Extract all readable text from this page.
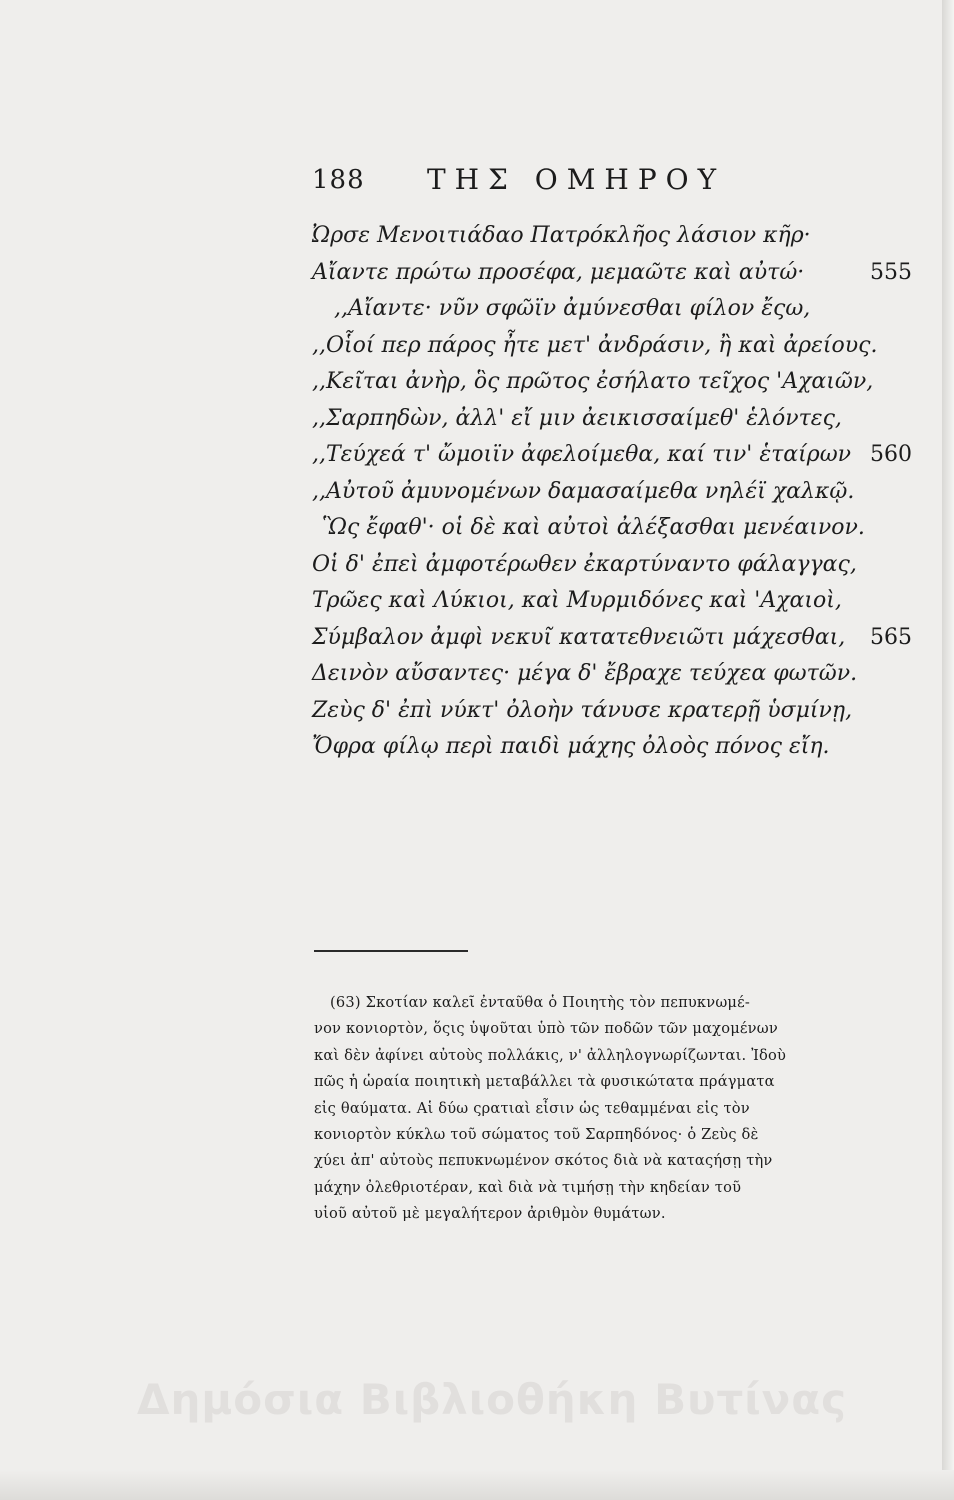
188 ΤΗΣ ΟΜΗΡΟΥ
Ὠρσε Μενοιτιάδαο Πατρόκλῆος λάσιον κῆρ·
Αἴαντε πρώτω προσέφα, μεμαῶτε καὶ αὐτώ·	555
,,Αἴαντε· νῦν σφῶϊν ἀμύνεσθαι φίλον ἔςω,
,,Οἷοί περ πάρος ἦτε μετ' ἀνδράσιν, ἢ καὶ ἀρείους.
,,Κεῖται ἀνὴρ, ὃς πρῶτος ἐσήλατο τεῖχος 'Αχαιῶν,
,,Σαρπηδὼν, ἀλλ' εἴ μιν ἀεικισσαίμεθ' ἑλόντες,
,,Τεύχεά τ' ὤμοιϊν ἀφελοίμεθα, καί τιν' ἑταίρων 560
,,Αὐτοῦ ἀμυνομένων δαμασαίμεθα νηλέϊ χαλκῷ.
Ὣς ἔφαθ'· οἱ δὲ καὶ αὐτοὶ ἀλέξασθαι μενέαινον.
Οἱ δ' ἐπεὶ ἀμφοτέρωθεν ἐκαρτύναντο φάλαγγας,
Τρῶες καὶ Λύκιοι, καὶ Μυρμιδόνες καὶ 'Αχαιοὶ,
Σύμβαλον ἀμφὶ νεκυῖ κατατεθνειῶτι μάχεσθαι, 565
Δεινὸν αὔσαντες· μέγα δ' ἔβραχε τεύχεα φωτῶν.
Ζεὺς δ' ἐπὶ νύκτ' ὀλοὴν τάνυσε κρατερῇ ὑσμίνῃ,
Ὄφρα φίλῳ περὶ παιδὶ μάχης ὀλοὸς πόνος εἴη.
(63) Σκοτίαν καλεῖ ἐνταῦθα ὁ Ποιητὴς τὸν πεπυκνωμέ-
νον κονιορτὸν, ὅςις ὑψοῦται ὑπὸ τῶν ποδῶν τῶν μαχομένων
καὶ δὲν ἀφίνει αὐτοὺς πολλάκις, ν' ἀλληλογνωρίζωνται. Ἰδοὺ
πῶς ἡ ὡραία ποιητικὴ μεταβάλλει τὰ φυσικώτατα πράγματα
εἰς θαύματα. Αἱ δύω ςρατιαὶ εἶσιν ὡς τεθαμμέναι εἰς τὸν
κονιορτὸν κύκλω τοῦ σώματος τοῦ Σαρπηδόνος· ὁ Ζεὺς δὲ
χύει ἀπ' αὐτοὺς πεπυκνωμένον σκότος διὰ νὰ καταςήσῃ τὴν
μάχην ὀλεθριοτέραν, καὶ διὰ νὰ τιμήσῃ τὴν κηδείαν τοῦ
υἱοῦ αὐτοῦ μὲ μεγαλήτερον ἀριθμὸν θυμάτων.
Δημόσια Βιβλιοθήκη Βυτίνας
